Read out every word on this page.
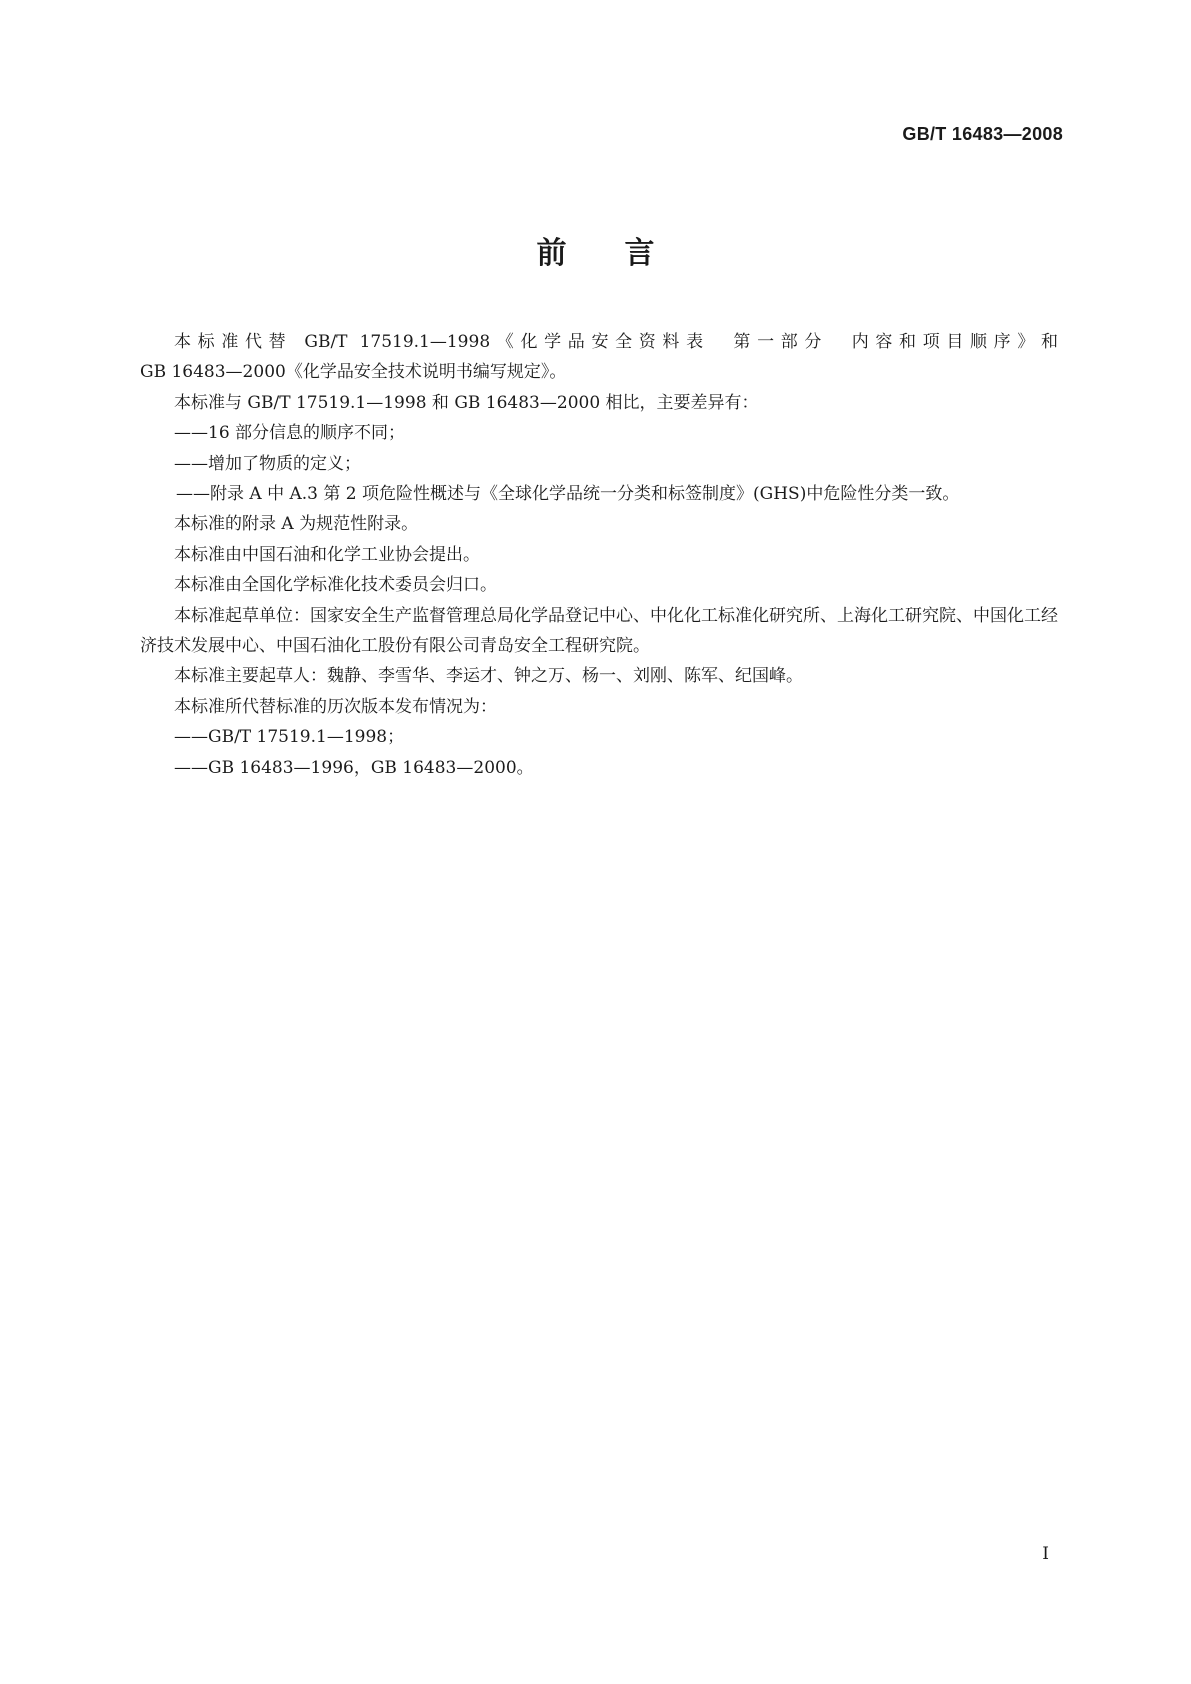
GB/T 16483—2008
前言

本标准代替 GB/T 17519.1—1998《化学品安全资料表　第一部分　内容和项目顺序》和

GB 16483—2000《化学品安全技术说明书编写规定》。

本标准与 GB/T 17519.1—1998 和 GB 16483—2000 相比，主要差异有：

——16 部分信息的顺序不同；

——增加了物质的定义；

——附录 A 中 A.3 第 2 项危险性概述与《全球化学品统一分类和标签制度》(GHS)中危险性分类一致。

本标准的附录 A 为规范性附录。

本标准由中国石油和化学工业协会提出。

本标准由全国化学标准化技术委员会归口。

本标准起草单位：国家安全生产监督管理总局化学品登记中心、中化化工标准化研究所、上海化工研究院、中国化工经济技术发展中心、中国石油化工股份有限公司青岛安全工程研究院。

本标准主要起草人：魏静、李雪华、李运才、钟之万、杨一、刘刚、陈军、纪国峰。

本标准所代替标准的历次版本发布情况为：

——GB/T 17519.1—1998；

——GB 16483—1996，GB 16483—2000。

I
